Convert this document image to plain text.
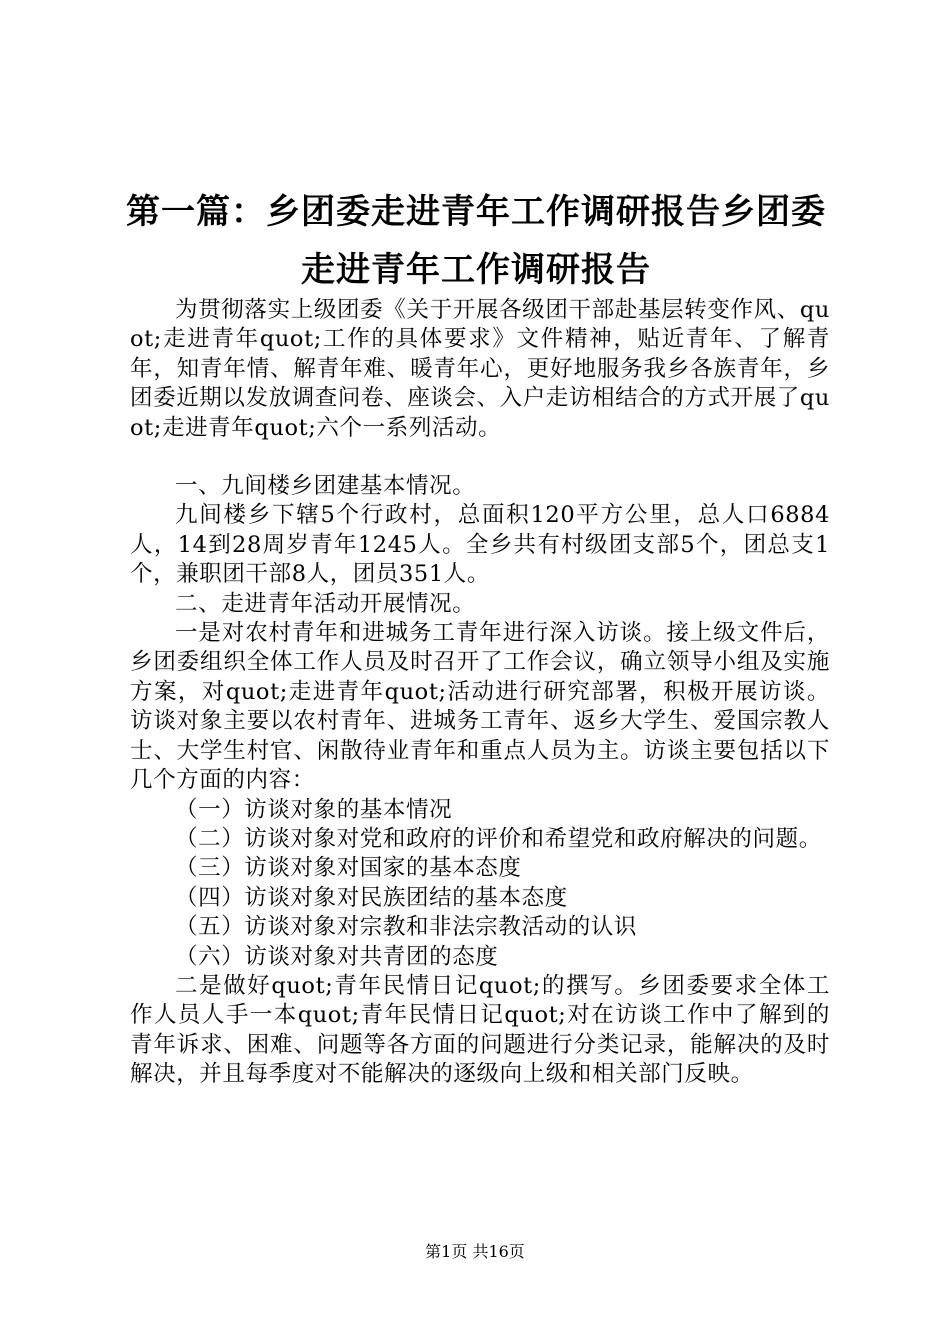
第一篇：乡团委走进青年工作调研报告乡团委走进青年工作调研报告

为贯彻落实上级团委《关于开展各级团干部赴基层转变作风、quot;走进青年quot;工作的具体要求》文件精神，贴近青年、了解青年，知青年情、解青年难、暖青年心，更好地服务我乡各族青年，乡团委近期以发放调查问卷、座谈会、入户走访相结合的方式开展了quot;走进青年quot;六个一系列活动。

一、九间楼乡团建基本情况。

九间楼乡下辖5个行政村，总面积120平方公里，总人口6884人，14到28周岁青年1245人。全乡共有村级团支部5个，团总支1个，兼职团干部8人，团员351人。

二、走进青年活动开展情况。

一是对农村青年和进城务工青年进行深入访谈。接上级文件后，乡团委组织全体工作人员及时召开了工作会议，确立领导小组及实施方案，对quot;走进青年quot;活动进行研究部署，积极开展访谈。访谈对象主要以农村青年、进城务工青年、返乡大学生、爱国宗教人士、大学生村官、闲散待业青年和重点人员为主。访谈主要包括以下几个方面的内容：

（一）访谈对象的基本情况

（二）访谈对象对党和政府的评价和希望党和政府解决的问题。

（三）访谈对象对国家的基本态度

（四）访谈对象对民族团结的基本态度

（五）访谈对象对宗教和非法宗教活动的认识

（六）访谈对象对共青团的态度

二是做好quot;青年民情日记quot;的撰写。乡团委要求全体工作人员人手一本quot;青年民情日记quot;对在访谈工作中了解到的青年诉求、困难、问题等各方面的问题进行分类记录，能解决的及时解决，并且每季度对不能解决的逐级向上级和相关部门反映。

第1页 共16页
